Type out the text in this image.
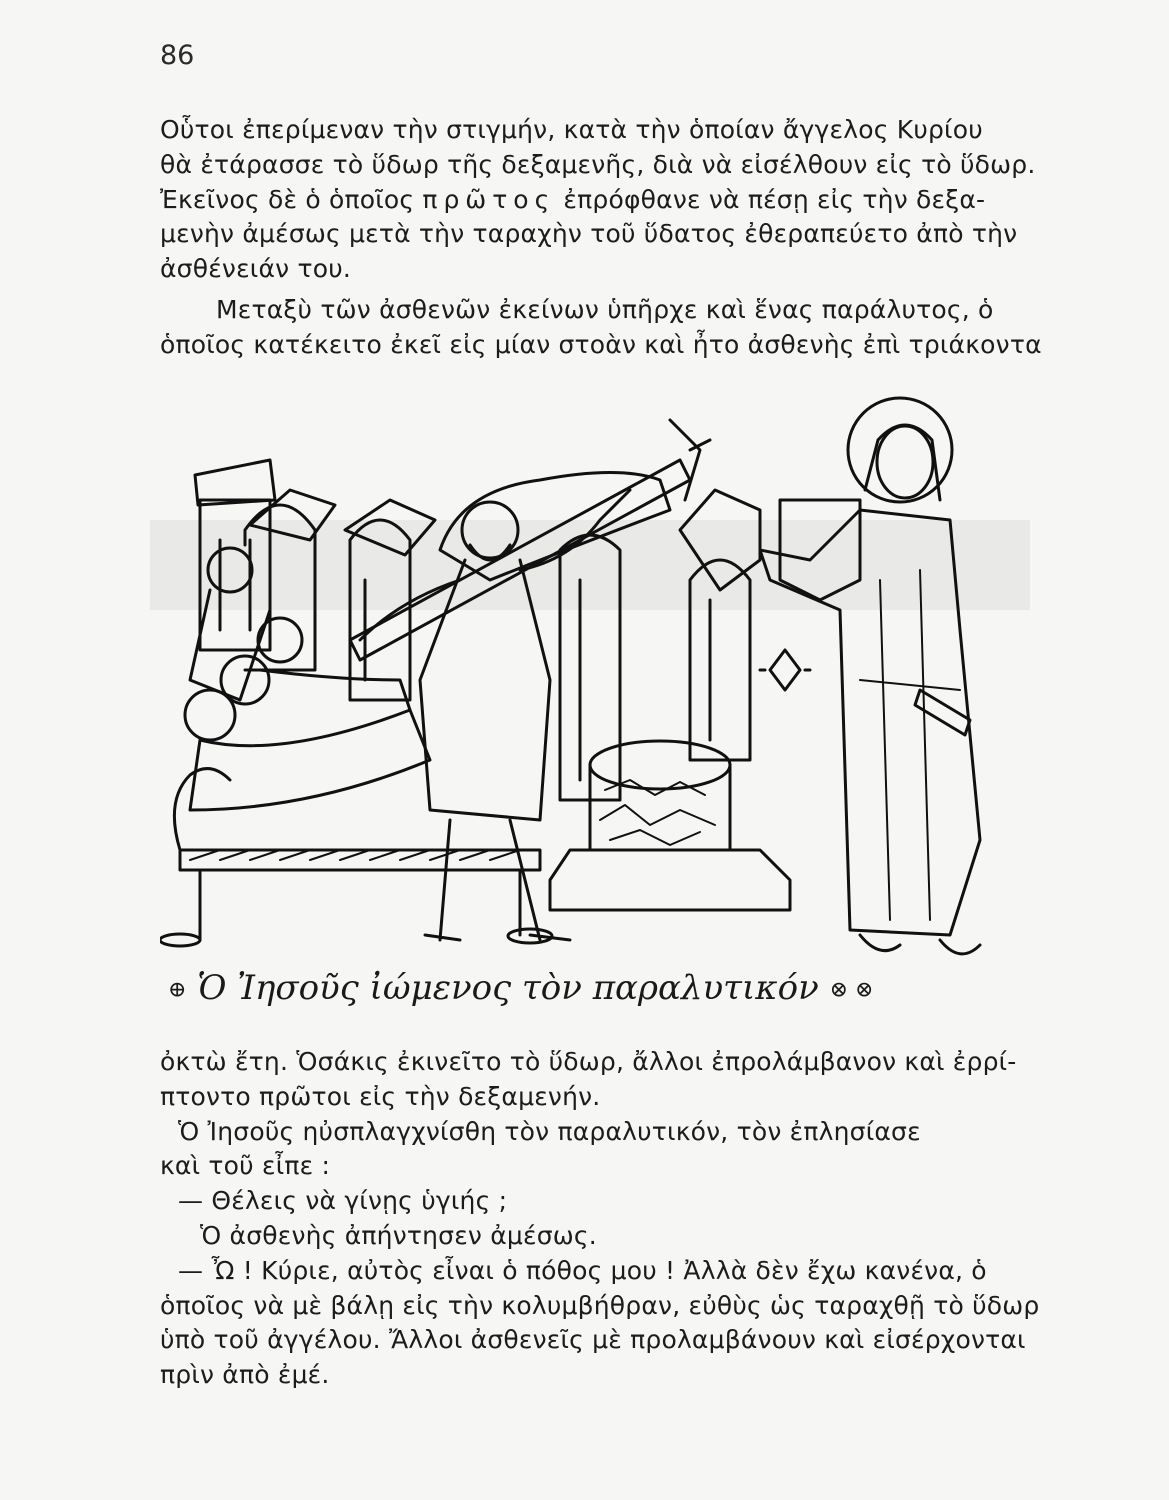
86
Οὗτοι ἐπερίμεναν τὴν στιγμήν, κατὰ τὴν ὁποίαν ἄγγελος Κυρίου
θὰ ἐτάρασσε τὸ ὕδωρ τῆς δεξαμενῆς, διὰ νὰ εἰσέλθουν εἰς τὸ ὕδωρ.
Ἐκεῖνος δὲ ὁ ὁποῖος πρῶτος ἐπρόφθανε νὰ πέσῃ εἰς τὴν δεξα-
μενὴν ἀμέσως μετὰ τὴν ταραχὴν τοῦ ὕδατος ἐθεραπεύετο ἀπὸ τὴν
ἀσθένειάν του.
Μεταξὺ τῶν ἀσθενῶν ἐκείνων ὑπῆρχε καὶ ἕνας παράλυτος, ὁ
ὁποῖος κατέκειτο ἐκεῖ εἰς μίαν στοὰν καὶ ἦτο ἀσθενὴς ἐπὶ τριάκοντα
⊕ Ὁ Ἰησοῦς ἰώμενος τὸν παραλυτικόν ⊗ ⊗
ὀκτὼ ἔτη. Ὁσάκις ἐκινεῖτο τὸ ὕδωρ, ἄλλοι ἐπρολάμβανον καὶ ἐρρί-
πτοντο πρῶτοι εἰς τὴν δεξαμενήν.
Ὁ Ἰησοῦς ηὐσπλαγχνίσθη τὸν παραλυτικόν, τὸν ἐπλησίασε
καὶ τοῦ εἶπε :
— Θέλεις νὰ γίνῃς ὑγιής ;
Ὁ ἀσθενὴς ἀπήντησεν ἀμέσως.
— Ὦ ! Κύριε, αὐτὸς εἶναι ὁ πόθος μου ! Ἀλλὰ δὲν ἔχω κανένα, ὁ
ὁποῖος νὰ μὲ βάλῃ εἰς τὴν κολυμβήθραν, εὐθὺς ὡς ταραχθῇ τὸ ὕδωρ
ὑπὸ τοῦ ἀγγέλου. Ἄλλοι ἀσθενεῖς μὲ προλαμβάνουν καὶ εἰσέρχονται
πρὶν ἀπὸ ἐμέ.
